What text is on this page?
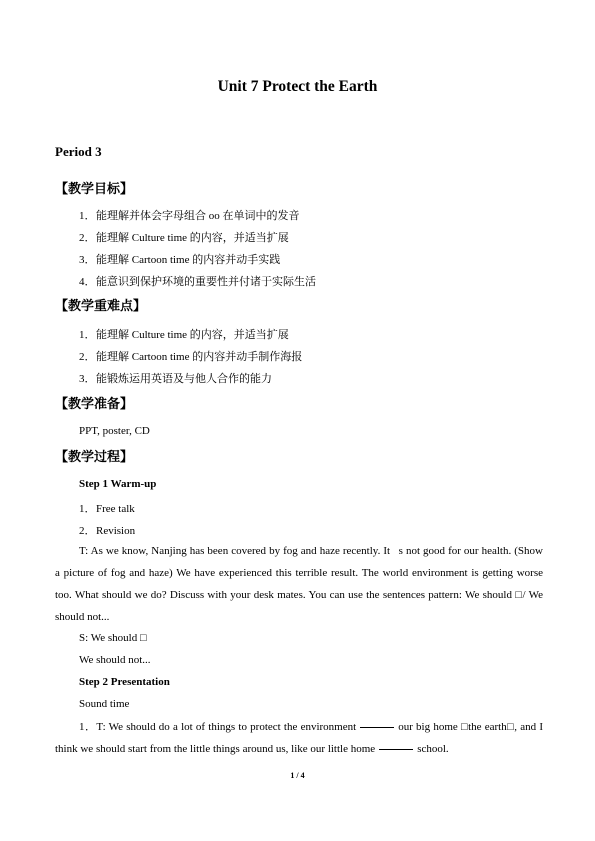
Unit 7 Protect the Earth
Period 3
【教学目标】
1．能理解并体会字母组合 oo 在单词中的发音
2．能理解 Culture time 的内容，并适当扩展
3．能理解 Cartoon time 的内容并动手实践
4．能意识到保护环境的重要性并付诸于实际生活
【教学重难点】
1．能理解 Culture time 的内容，并适当扩展
2．能理解 Cartoon time 的内容并动手制作海报
3．能锻炼运用英语及与他人合作的能力
【教学准备】
PPT, poster, CD
【教学过程】
Step 1 Warm-up
1．Free talk
2．Revision
T: As we know, Nanjing has been covered by fog and haze recently. It s not good for our health. (Show a picture of fog and haze) We have experienced this terrible result. The world environment is getting worse too. What should we do? Discuss with your desk mates. You can use the sentences pattern: We should □/ We should not...
S: We should □
We should not...
Step 2 Presentation
Sound time
1．T: We should do a lot of things to protect the environment	our big home □the earth□, and I think we should start from the little things around us, like our little home	school.
1 / 4
